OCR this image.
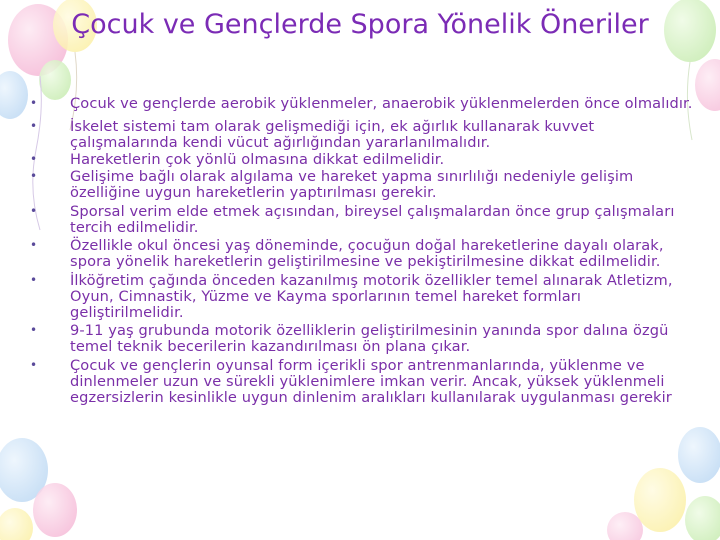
Çocuk ve Gençlerde Spora Yönelik Öneriler
• Çocuk ve gençlerde aerobik yüklenmeler, anaerobik yüklenmelerden önce olmalıdır.
• İskelet sistemi tam olarak gelişmediği için, ek ağırlık kullanarak kuvvet çalışmalarında kendi vücut ağırlığından yararlanılmalıdır.
• Hareketlerin çok yönlü olmasına dikkat edilmelidir.
• Gelişime bağlı olarak algılama ve hareket yapma sınırlılığı nedeniyle gelişim özelliğine uygun hareketlerin yaptırılması gerekir.
• Sporsal verim elde etmek açısından, bireysel çalışmalardan önce grup çalışmaları tercih edilmelidir.
• Özellikle okul öncesi yaş döneminde, çocuğun doğal hareketlerine dayalı olarak, spora yönelik hareketlerin geliştirilmesine ve pekiştirilmesine dikkat edilmelidir.
• İlköğretim çağında önceden kazanılmış motorik özellikler temel alınarak Atletizm, Oyun, Cimnastik, Yüzme ve Kayma sporlarının temel hareket formları geliştirilmelidir.
• 9-11 yaş grubunda motorik özelliklerin geliştirilmesinin yanında spor dalına özgü temel teknik becerilerin kazandırılması ön plana çıkar.
• Çocuk ve gençlerin oyunsal form içerikli spor antrenmanlarında, yüklenme ve dinlenmeler uzun ve sürekli yüklenimlere imkan verir. Ancak, yüksek yüklenmeli egzersizlerin kesinlikle uygun dinlenim aralıkları kullanılarak uygulanması gerekir
